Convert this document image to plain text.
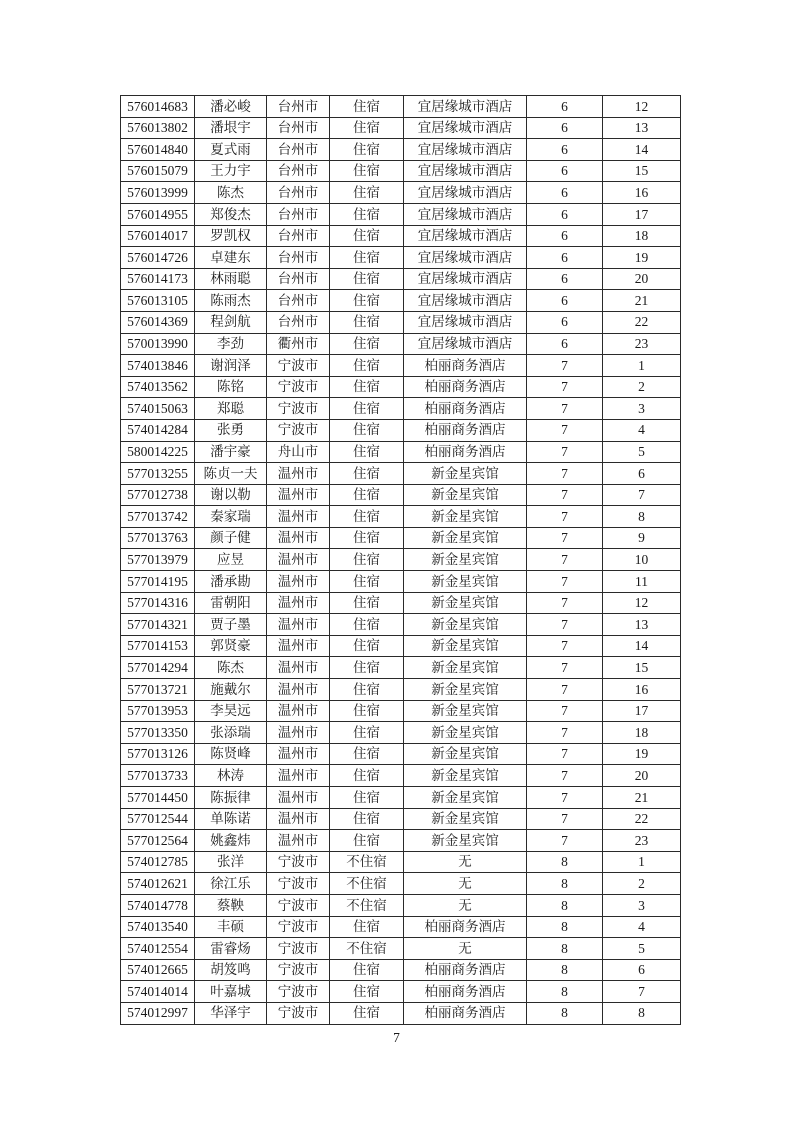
576014683	潘必峻	台州市	住宿	宜居缘城市酒店	6	12
576013802	潘垠宇	台州市	住宿	宜居缘城市酒店	6	13
576014840	夏式雨	台州市	住宿	宜居缘城市酒店	6	14
576015079	王力宇	台州市	住宿	宜居缘城市酒店	6	15
576013999	陈杰	台州市	住宿	宜居缘城市酒店	6	16
576014955	郑俊杰	台州市	住宿	宜居缘城市酒店	6	17
576014017	罗凯权	台州市	住宿	宜居缘城市酒店	6	18
576014726	卓建东	台州市	住宿	宜居缘城市酒店	6	19
576014173	林雨聪	台州市	住宿	宜居缘城市酒店	6	20
576013105	陈雨杰	台州市	住宿	宜居缘城市酒店	6	21
576014369	程剑航	台州市	住宿	宜居缘城市酒店	6	22
570013990	李劲	衢州市	住宿	宜居缘城市酒店	6	23
574013846	谢润泽	宁波市	住宿	柏丽商务酒店	7	1
574013562	陈铭	宁波市	住宿	柏丽商务酒店	7	2
574015063	郑聪	宁波市	住宿	柏丽商务酒店	7	3
574014284	张勇	宁波市	住宿	柏丽商务酒店	7	4
580014225	潘宇豪	舟山市	住宿	柏丽商务酒店	7	5
577013255	陈贞一夫	温州市	住宿	新金星宾馆	7	6
577012738	谢以勒	温州市	住宿	新金星宾馆	7	7
577013742	秦家瑞	温州市	住宿	新金星宾馆	7	8
577013763	颜子健	温州市	住宿	新金星宾馆	7	9
577013979	应昱	温州市	住宿	新金星宾馆	7	10
577014195	潘承勘	温州市	住宿	新金星宾馆	7	11
577014316	雷朝阳	温州市	住宿	新金星宾馆	7	12
577014321	贾子墨	温州市	住宿	新金星宾馆	7	13
577014153	郭贤豪	温州市	住宿	新金星宾馆	7	14
577014294	陈杰	温州市	住宿	新金星宾馆	7	15
577013721	施戴尔	温州市	住宿	新金星宾馆	7	16
577013953	李昊远	温州市	住宿	新金星宾馆	7	17
577013350	张添瑞	温州市	住宿	新金星宾馆	7	18
577013126	陈贤峰	温州市	住宿	新金星宾馆	7	19
577013733	林涛	温州市	住宿	新金星宾馆	7	20
577014450	陈振律	温州市	住宿	新金星宾馆	7	21
577012544	单陈诺	温州市	住宿	新金星宾馆	7	22
577012564	姚鑫炜	温州市	住宿	新金星宾馆	7	23
574012785	张洋	宁波市	不住宿	无	8	1
574012621	徐江乐	宁波市	不住宿	无	8	2
574014778	蔡鞅	宁波市	不住宿	无	8	3
574013540	丰硕	宁波市	住宿	柏丽商务酒店	8	4
574012554	雷睿炀	宁波市	不住宿	无	8	5
574012665	胡笈鸣	宁波市	住宿	柏丽商务酒店	8	6
574014014	叶嘉城	宁波市	住宿	柏丽商务酒店	8	7
574012997	华泽宇	宁波市	住宿	柏丽商务酒店	8	8
7
